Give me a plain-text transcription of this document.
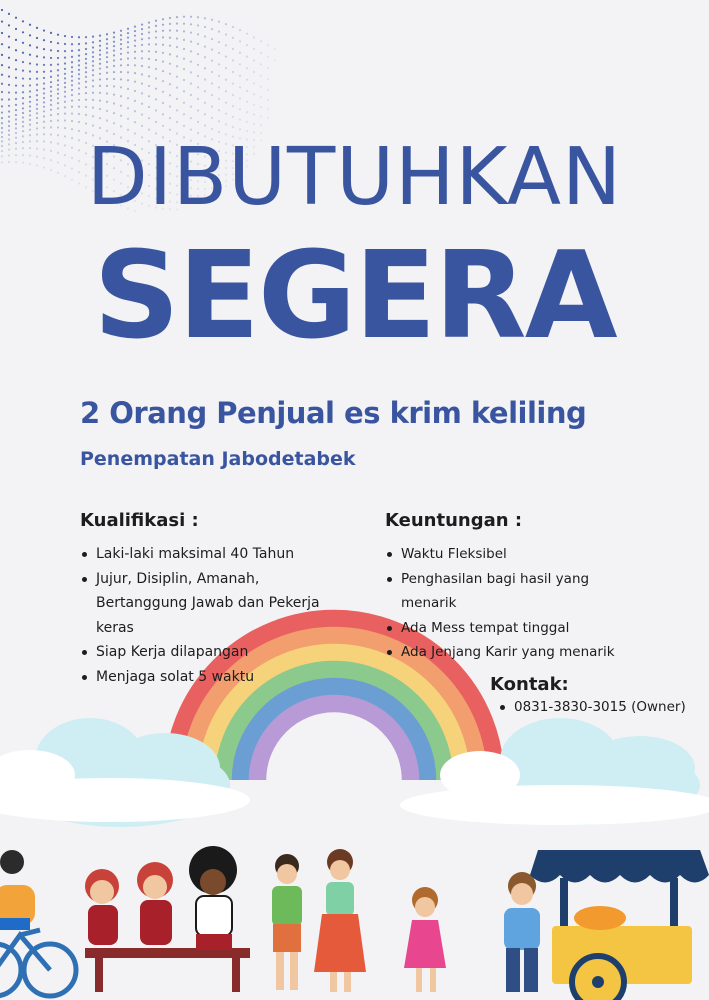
DIBUTUHKAN
SEGERA
2 Orang Penjual es krim keliling
Penempatan Jabodetabek
Kualifikasi :
Laki-laki maksimal 40 Tahun
Jujur, Disiplin, Amanah, Bertanggung Jawab dan Pekerja keras
Siap Kerja dilapangan
Menjaga solat 5 waktu
Keuntungan :
Waktu Fleksibel
Penghasilan bagi hasil yang menarik
Ada Mess tempat tinggal
Ada Jenjang Karir yang menarik
Kontak:
0831-3830-3015 (Owner)
